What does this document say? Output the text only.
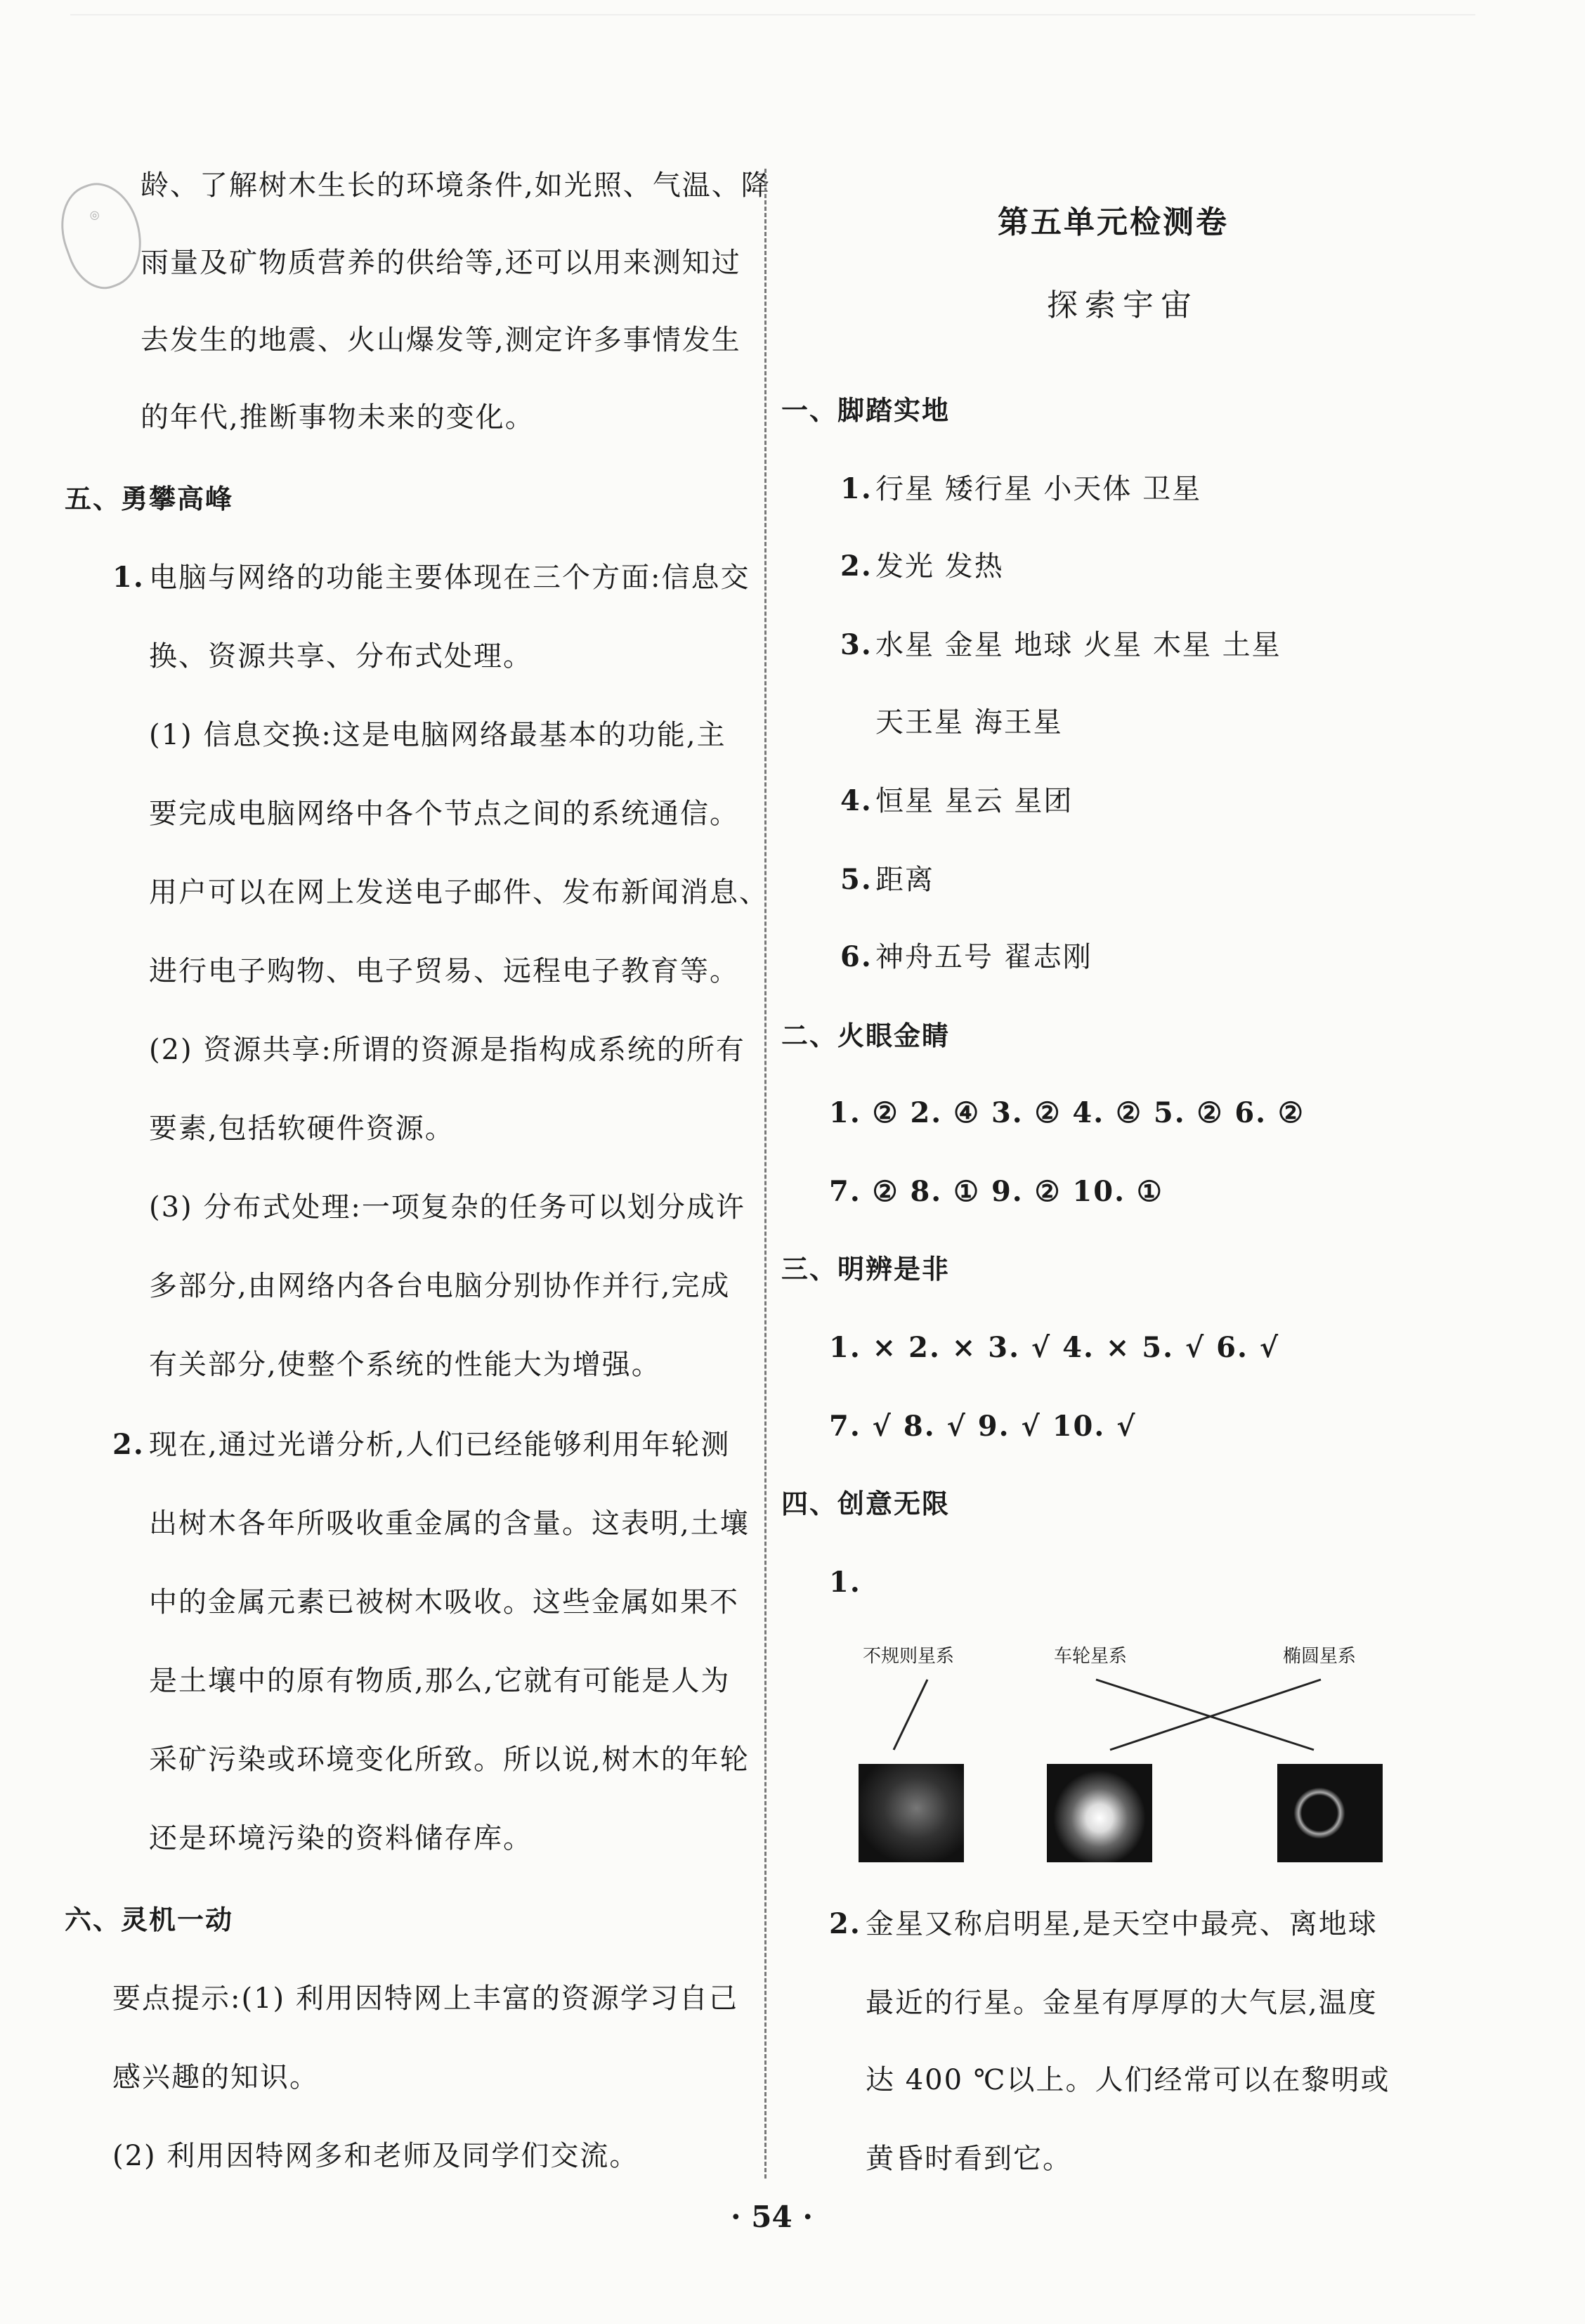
◎
龄、了解树木生长的环境条件,如光照、气温、降
雨量及矿物质营养的供给等,还可以用来测知过
去发生的地震、火山爆发等,测定许多事情发生
的年代,推断事物未来的变化。
五、勇攀高峰
1. 电脑与网络的功能主要体现在三个方面:信息交
换、资源共享、分布式处理。
(1) 信息交换:这是电脑网络最基本的功能,主
要完成电脑网络中各个节点之间的系统通信。
用户可以在网上发送电子邮件、发布新闻消息、
进行电子购物、电子贸易、远程电子教育等。
(2) 资源共享:所谓的资源是指构成系统的所有
要素,包括软硬件资源。
(3) 分布式处理:一项复杂的任务可以划分成许
多部分,由网络内各台电脑分别协作并行,完成
有关部分,使整个系统的性能大为增强。
2. 现在,通过光谱分析,人们已经能够利用年轮测
出树木各年所吸收重金属的含量。这表明,土壤
中的金属元素已被树木吸收。这些金属如果不
是土壤中的原有物质,那么,它就有可能是人为
采矿污染或环境变化所致。所以说,树木的年轮
还是环境污染的资料储存库。
六、灵机一动
要点提示:(1) 利用因特网上丰富的资源学习自己
感兴趣的知识。
(2) 利用因特网多和老师及同学们交流。
第五单元检测卷
探索宇宙
一、脚踏实地
1. 行星 矮行星 小天体 卫星
2. 发光 发热
3. 水星 金星 地球 火星 木星 土星
天王星 海王星
4. 恒星 星云 星团
5. 距离
6. 神舟五号 翟志刚
二、火眼金睛
1. ② 2. ④ 3. ② 4. ② 5. ② 6. ②
7. ② 8. ① 9. ② 10. ①
三、明辨是非
1. × 2. × 3. √ 4. × 5. √ 6. √
7. √ 8. √ 9. √ 10. √
四、创意无限
1.
不规则星系	车轮星系	椭圆星系
2. 金星又称启明星,是天空中最亮、离地球
最近的行星。金星有厚厚的大气层,温度
达 400 ℃以上。人们经常可以在黎明或
黄昏时看到它。
· 54 ·
